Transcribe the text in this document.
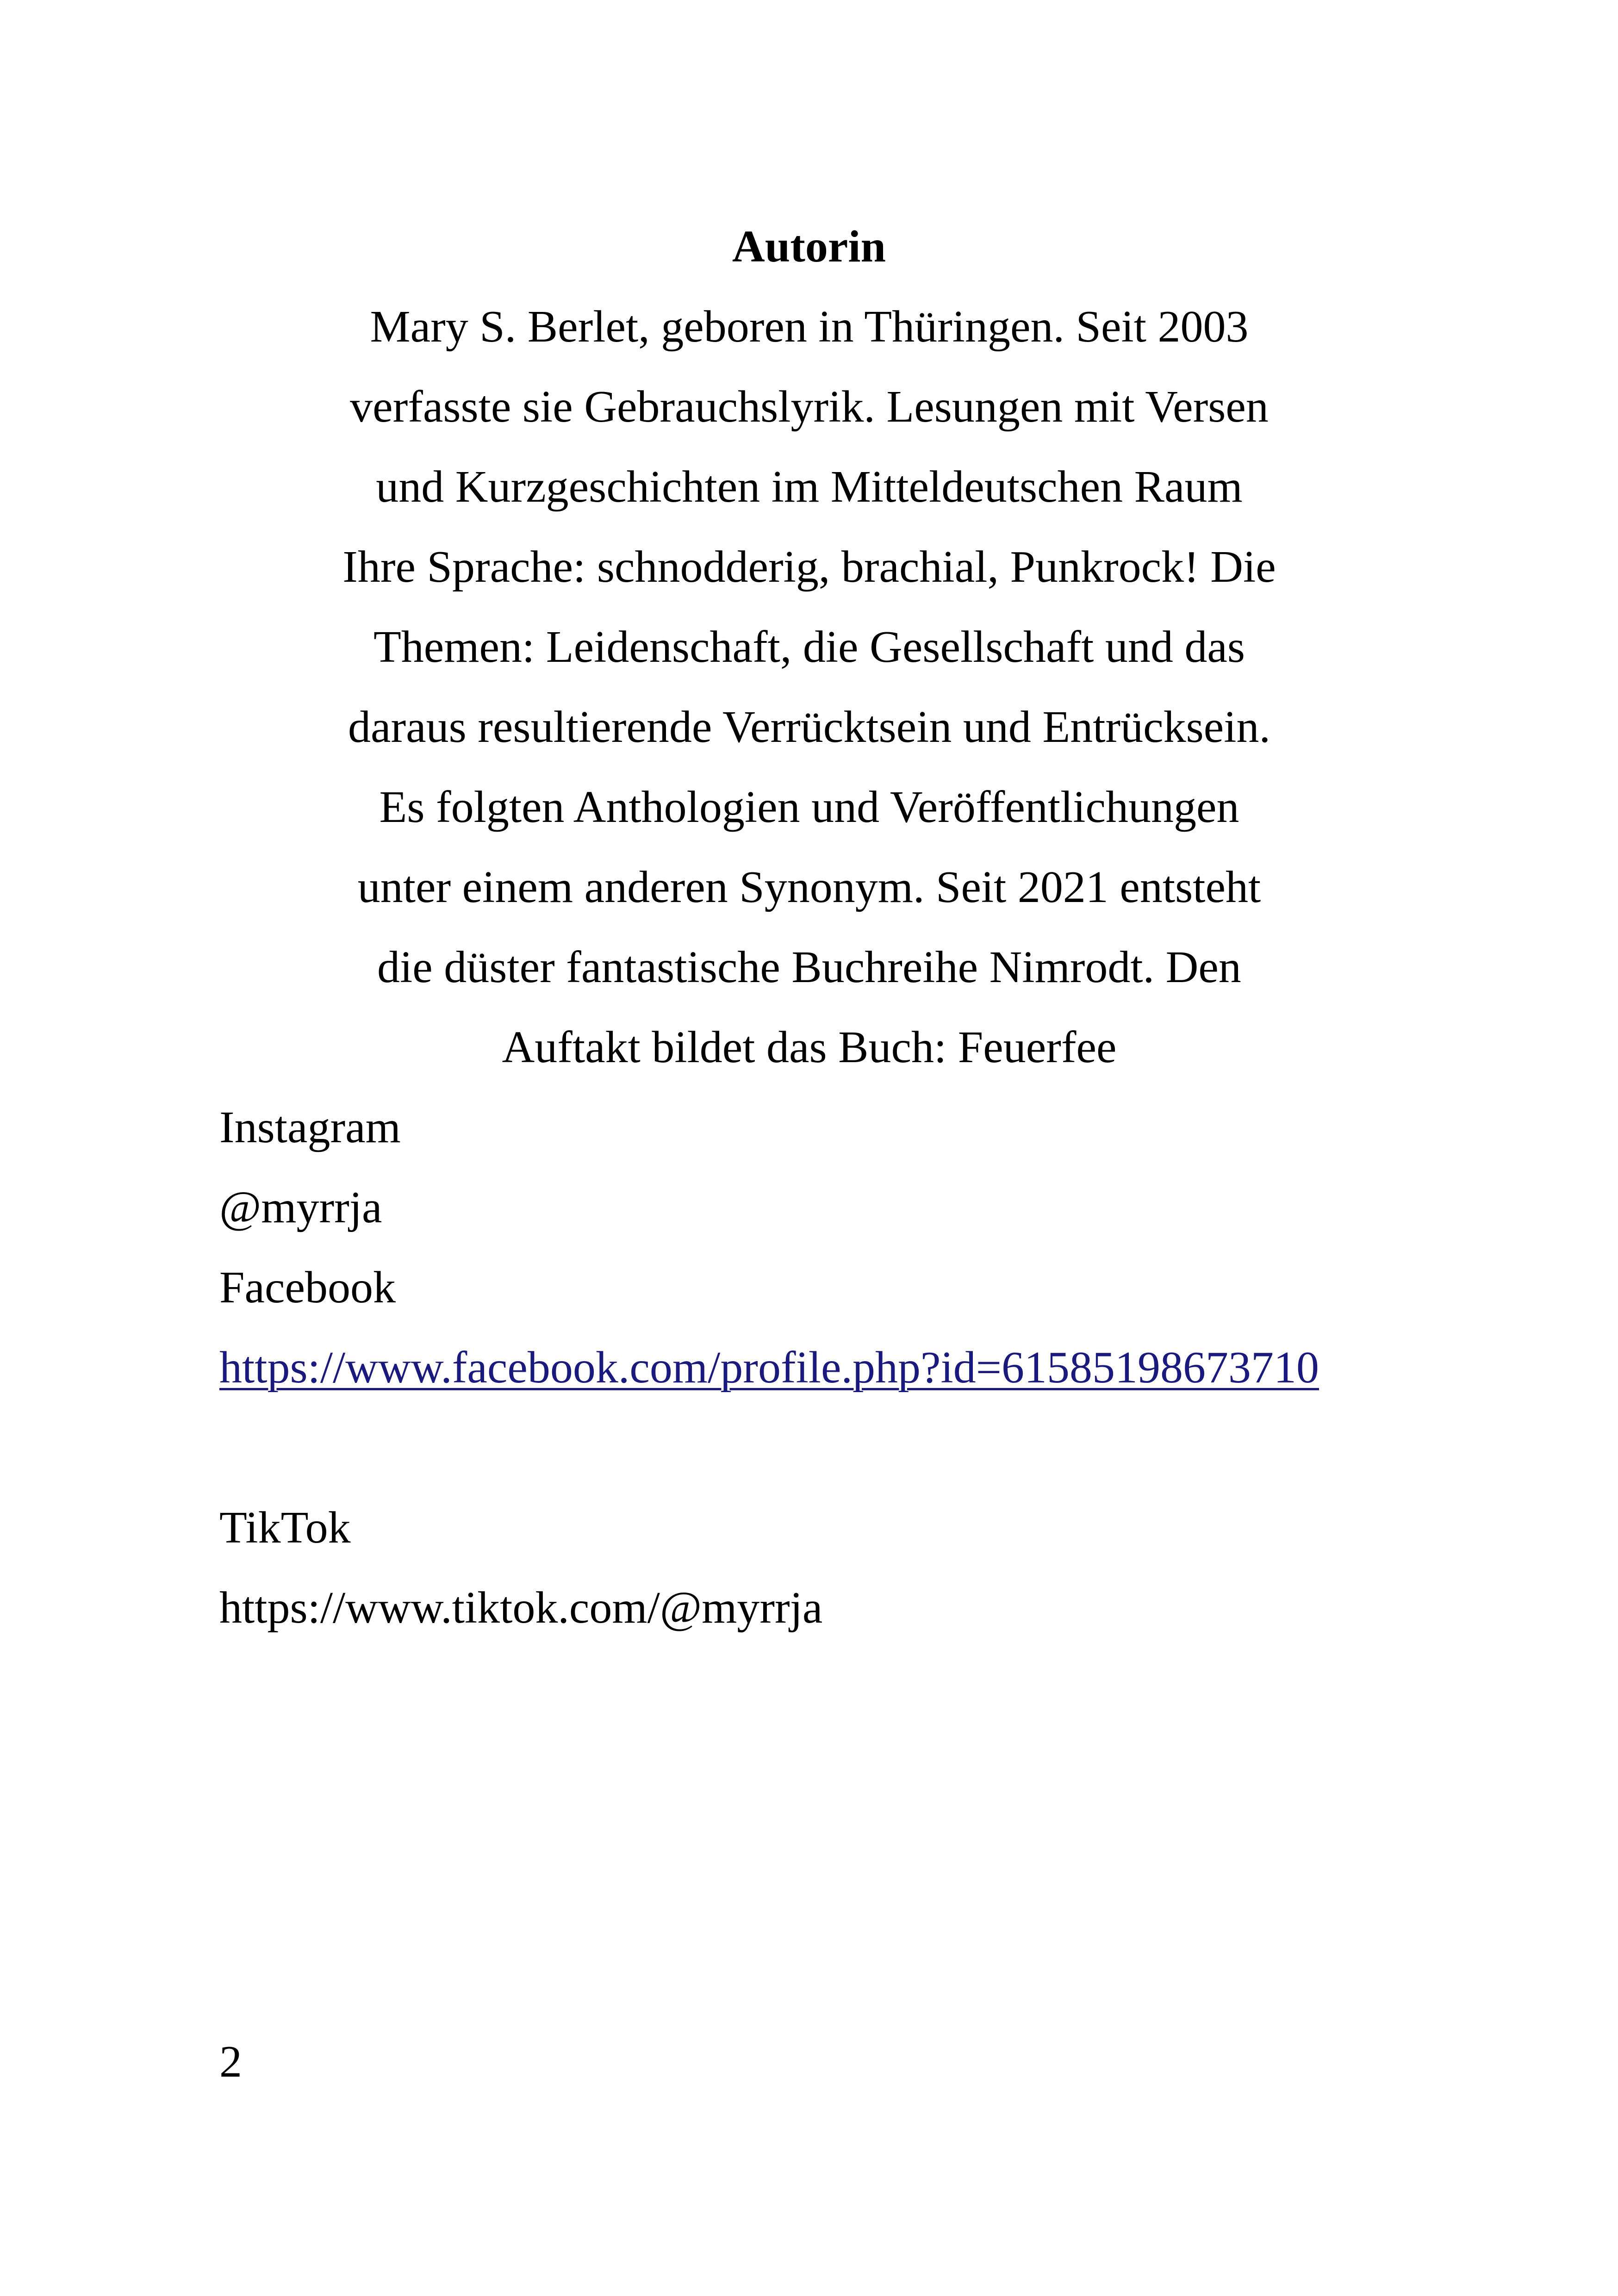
Autorin

Mary S. Berlet, geboren in Thüringen. Seit 2003
verfasste sie Gebrauchslyrik. Lesungen mit Versen
und Kurzgeschichten im Mitteldeutschen Raum
Ihre Sprache: schnodderig, brachial, Punkrock! Die
Themen: Leidenschaft, die Gesellschaft und das
daraus resultierende Verrücktsein und Entrücksein.
Es folgten Anthologien und Veröffentlichungen
unter einem anderen Synonym. Seit 2021 entsteht
die düster fantastische Buchreihe Nimrodt. Den
Auftakt bildet das Buch: Feuerfee

Instagram

@myrrja

Facebook

https://www.facebook.com/profile.php?id=61585198673710

TikTok

https://www.tiktok.com/@myrrja

2
